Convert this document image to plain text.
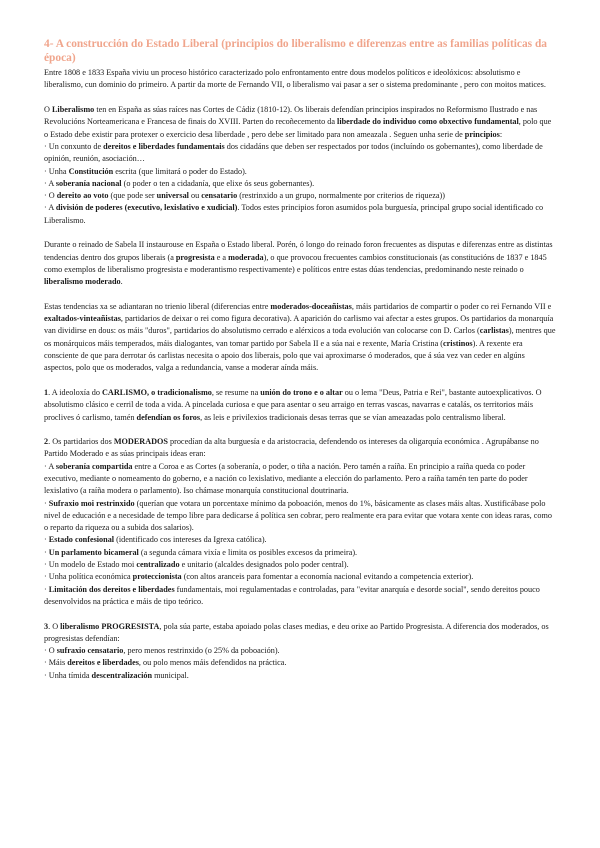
4- A construcción do Estado Liberal (principios do liberalismo e diferenzas entre as familias políticas da época)

Entre 1808 e 1833 España viviu un proceso histórico caracterizado polo enfrontamento entre dous modelos políticos e ideolóxicos: absolutismo e liberalismo, cun dominio do primeiro. A partir da morte de Fernando VII, o liberalismo vai pasar a ser o sistema predominante , pero con moitos matices.

O Liberalismo ten en España as súas raíces nas Cortes de Cádiz (1810-12). Os liberais defendían principios inspirados no Reformismo Ilustrado e nas Revolucións Norteamericana e Francesa de finais do XVIII. Parten do recoñecemento da liberdade do individuo como obxectivo fundamental, polo que o Estado debe existir para protexer o exercicio desa liberdade , pero debe ser limitado para non ameazala . Seguen unha serie de principios:
· Un conxunto de dereitos e liberdades fundamentais dos cidadáns que deben ser respectados por todos (incluíndo os gobernantes), como liberdade de opinión, reunión, asociación…
· Unha Constitución escrita (que limitará o poder do Estado).
· A soberanía nacional (o poder o ten a cidadanía, que elixe ós seus gobernantes).
· O dereito ao voto (que pode ser universal ou censatario (restrinxido a un grupo, normalmente por criterios de riqueza))
· A división de poderes (executivo, lexislativo e xudicial). Todos estes principios foron asumidos pola burguesía, principal grupo social identificado co Liberalismo.

Durante o reinado de Sabela II instaurouse en España o Estado liberal. Porén, ó longo do reinado foron frecuentes as disputas e diferenzas entre as distintas tendencias dentro dos grupos liberais (a progresista e a moderada), o que provocou frecuentes cambios constitucionais (as constitucións de 1837 e 1845 como exemplos de liberalismo progresista e moderantismo respectivamente) e políticos entre estas dúas tendencias, predominando neste reinado o liberalismo moderado.

Estas tendencias xa se adiantaran no trienio liberal (diferencias entre moderados-doceañistas, máis partidarios de compartir o poder co rei Fernando VII e exaltados-vinteañistas, partidarios de deixar o rei como figura decorativa). A aparición do carlismo vai afectar a estes grupos. Os partidarios da monarquía van dividirse en dous: os máis "duros", partidarios do absolutismo cerrado e alérxicos a toda evolución van colocarse con D. Carlos (carlistas), mentres que os monárquicos máis temperados, máis dialogantes, van tomar partido por Sabela II e a súa nai e rexente, María Cristina (cristinos). A rexente era consciente de que para derrotar ós carlistas necesita o apoio dos liberais, polo que vai aproximarse ó moderados, que á súa vez van ceder en algúns aspectos, polo que os moderados, valga a redundancia, vanse a moderar aínda máis.

1. A ideoloxía do CARLISMO, o tradicionalismo, se resume na unión do trono e o altar ou o lema "Deus, Patria e Rei", bastante autoexplicativos. O absolutismo clásico e cerril de toda a vida. A pincelada curiosa e que para asentar o seu arraigo en terras vascas, navarras e catalás, os territorios máis proclives ó carlismo, tamén defendían os foros, as leis e privilexios tradicionais desas terras que se vían ameazadas polo centralismo liberal.

2. Os partidarios dos MODERADOS procedían da alta burguesía e da aristocracia, defendendo os intereses da oligarquía económica . Agrupábanse no Partido Moderado e as súas principais ideas eran:
· A soberanía compartida entre a Coroa e as Cortes (a soberanía, o poder, o tiña a nación. Pero tamén a raíña. En principio a raíña queda co poder executivo, mediante o nomeamento do goberno, e a nación co lexislativo, mediante a elección do parlamento. Pero a raíña tamén ten parte do poder lexislativo (a raíña modera o parlamento). Iso chámase monarquía constitucional doutrinaria.
· Sufraxio moi restrinxido (querían que votara un porcentaxe mínimo da poboación, menos do 1%, básicamente as clases máis altas. Xustificábase polo nivel de educación e a necesidade de tempo libre para dedicarse á política sen cobrar, pero realmente era para evitar que votara xente con ideas raras, como o reparto da riqueza ou a subida dos salarios).
· Estado confesional (identificado cos intereses da Igrexa católica).
· Un parlamento bicameral (a segunda cámara vixía e limita os posibles excesos da primeira).
· Un modelo de Estado moi centralizado e unitario (alcaldes designados polo poder central).
· Unha política económica proteccionista (con altos aranceis para fomentar a economía nacional evitando a competencia exterior).
· Limitación dos dereitos e liberdades fundamentais, moi regulamentadas e controladas, para "evitar anarquía e desorde social", sendo dereitos pouco desenvolvidos na práctica e máis de tipo teórico.
3. O liberalismo PROGRESISTA, pola súa parte, estaba apoiado polas clases medias, e deu orixe ao Partido Progresista. A diferencia dos moderados, os progresistas defendían:
· O sufraxio censatario, pero menos restrinxido (o 25% da poboación).
· Máis dereitos e liberdades, ou polo menos máis defendidos na práctica.
· Unha tímida descentralización municipal.
